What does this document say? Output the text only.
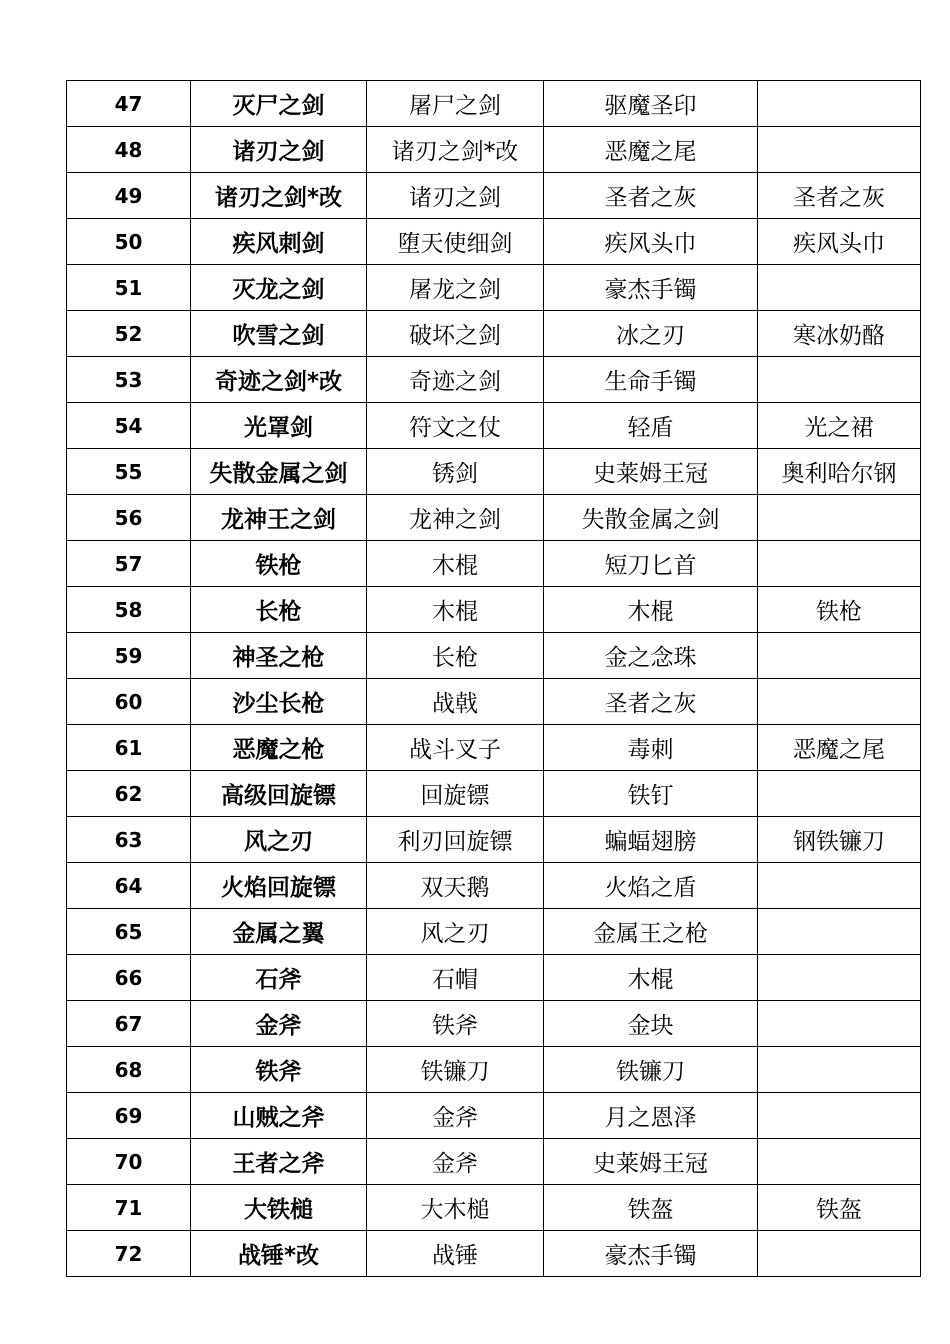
47	灭尸之剑	屠尸之剑	驱魔圣印	
48	诸刃之剑	诸刃之剑*改	恶魔之尾	
49	诸刃之剑*改	诸刃之剑	圣者之灰	圣者之灰
50	疾风刺剑	堕天使细剑	疾风头巾	疾风头巾
51	灭龙之剑	屠龙之剑	豪杰手镯	
52	吹雪之剑	破坏之剑	冰之刃	寒冰奶酪
53	奇迹之剑*改	奇迹之剑	生命手镯	
54	光罩剑	符文之仗	轻盾	光之裙
55	失散金属之剑	锈剑	史莱姆王冠	奥利哈尔钢
56	龙神王之剑	龙神之剑	失散金属之剑	
57	铁枪	木棍	短刀匕首	
58	长枪	木棍	木棍	铁枪
59	神圣之枪	长枪	金之念珠	
60	沙尘长枪	战戟	圣者之灰	
61	恶魔之枪	战斗叉子	毒刺	恶魔之尾
62	高级回旋镖	回旋镖	铁钉	
63	风之刃	利刃回旋镖	蝙蝠翅膀	钢铁镰刀
64	火焰回旋镖	双天鹅	火焰之盾	
65	金属之翼	风之刃	金属王之枪	
66	石斧	石帽	木棍	
67	金斧	铁斧	金块	
68	铁斧	铁镰刀	铁镰刀	
69	山贼之斧	金斧	月之恩泽	
70	王者之斧	金斧	史莱姆王冠	
71	大铁槌	大木槌	铁盔	铁盔
72	战锤*改	战锤	豪杰手镯	
